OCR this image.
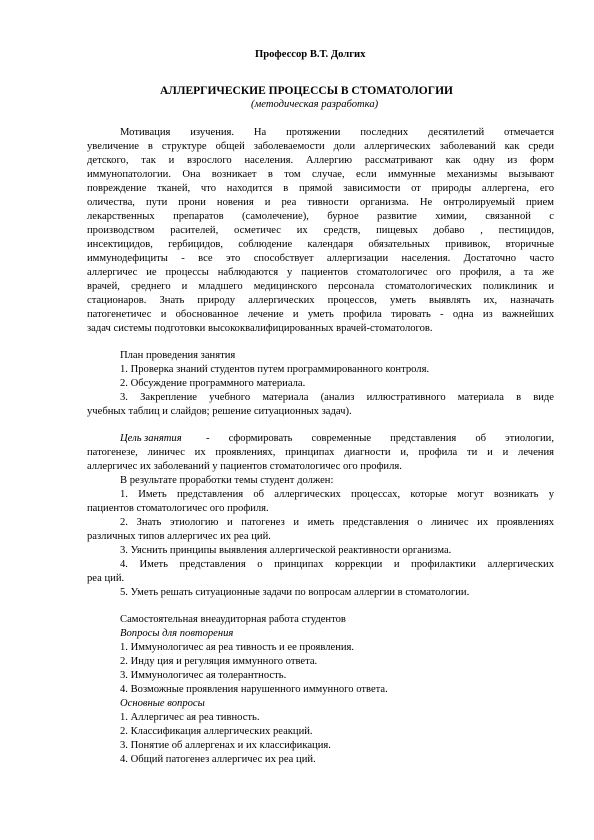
Профессор В.Т. Долгих
АЛЛЕРГИЧЕСКИЕ ПРОЦЕССЫ В СТОМАТОЛОГИИ
(методическая разработка)
Мотивация изучения. На протяжении последних десятилетий отмечается
увеличение в структуре общей заболеваемости доли аллергических заболеваний как среди
детского, так и взрослого населения. Аллергию рассматривают как одну из форм
иммунопатологии. Она возникает в том случае, если иммунные механизмы вызывают
повреждение тканей, что находится в прямой зависимости от природы аллергена, его
оличества, пути прони новения и реа тивности организма. Не онтролируемый прием
лекарственных препаратов (самолечение), бурное развитие химии, связанной с
производством расителей, осметичес их средств, пищевых добаво , пестицидов,
инсектицидов, гербицидов, соблюдение календаря обязательных прививок, вторичные
иммунодефициты - все это способствует аллергизации населения. Достаточно часто
аллергичес ие процессы наблюдаются у пациентов стоматологичес ого профиля, а та же
врачей, среднего и младшего медицинского персонала стоматологических поликлиник и
стационаров. Знать природу аллергических процессов, уметь выявлять их, назначать
патогенетичес и обоснованное лечение и уметь профила тировать - одна из важнейших
задач системы подготовки высококвалифицированных врачей-стоматологов.
План проведения занятия
1. Проверка знаний студентов путем программированного контроля.
2. Обсуждение программного материала.
3. Закрепление учебного материала (анализ иллюстративного материала в виде
учебных таблиц и слайдов; решение ситуационных задач).
Цель занятия - сформировать современные представления об этиологии,
патогенезе, линичес их проявлениях, принципах диагности и, профила ти и и лечения
аллергичес их заболеваний у пациентов стоматологичес ого профиля.
В результате проработки темы студент должен:
1. Иметь представления об аллергических процессах, которые могут возникать у
пациентов стоматологичес ого профиля.
2. Знать этиологию и патогенез и иметь представления о линичес их проявлениях
различных типов аллергичес их реа ций.
3. Уяснить принципы выявления аллергической реактивности организма.
4. Иметь представления о принципах коррекции и профилактики аллергических
реа ций.
5. Уметь решать ситуационные задачи по вопросам аллергии в стоматологии.
Самостоятельная внеаудиторная работа студентов
Вопросы для повторения
1. Иммунологичес ая реа тивность и ее проявления.
2. Инду ция и регуляция иммунного ответа.
3. Иммунологичес ая толерантность.
4. Возможные проявления нарушенного иммунного ответа.
Основные вопросы
1. Аллергичес ая реа тивность.
2. Классификация аллергических реакций.
3. Понятие об аллергенах и их классификация.
4. Общий патогенез аллергичес их реа ций.
